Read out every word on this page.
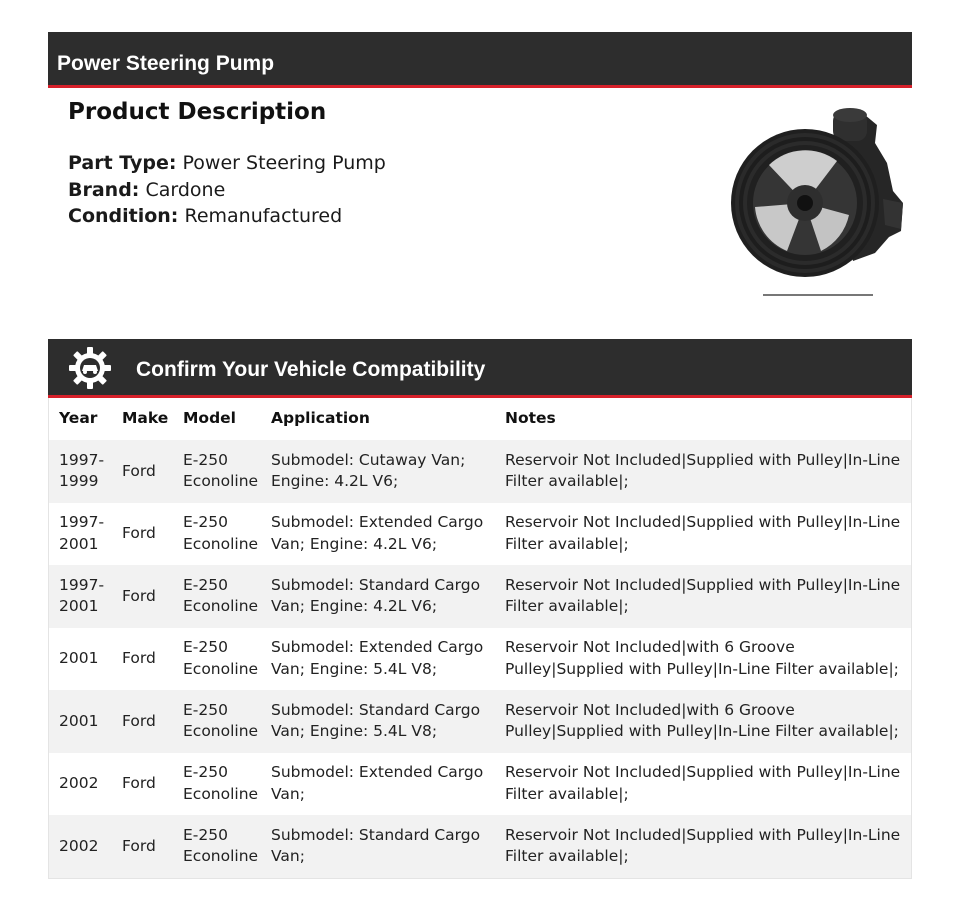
Power Steering Pump
Product Description
Part Type: Power Steering Pump
Brand: Cardone
Condition: Remanufactured
Confirm Your Vehicle Compatibility
Year	Make	Model	Application	Notes
1997-1999	Ford	E-250 Econoline	Submodel: Cutaway Van; Engine: 4.2L V6;	Reservoir Not Included|Supplied with Pulley|In-Line Filter available|;
1997-2001	Ford	E-250 Econoline	Submodel: Extended Cargo Van; Engine: 4.2L V6;	Reservoir Not Included|Supplied with Pulley|In-Line Filter available|;
1997-2001	Ford	E-250 Econoline	Submodel: Standard Cargo Van; Engine: 4.2L V6;	Reservoir Not Included|Supplied with Pulley|In-Line Filter available|;
2001	Ford	E-250 Econoline	Submodel: Extended Cargo Van; Engine: 5.4L V8;	Reservoir Not Included|with 6 Groove Pulley|Supplied with Pulley|In-Line Filter available|;
2001	Ford	E-250 Econoline	Submodel: Standard Cargo Van; Engine: 5.4L V8;	Reservoir Not Included|with 6 Groove Pulley|Supplied with Pulley|In-Line Filter available|;
2002	Ford	E-250 Econoline	Submodel: Extended Cargo Van;	Reservoir Not Included|Supplied with Pulley|In-Line Filter available|;
2002	Ford	E-250 Econoline	Submodel: Standard Cargo Van;	Reservoir Not Included|Supplied with Pulley|In-Line Filter available|;
